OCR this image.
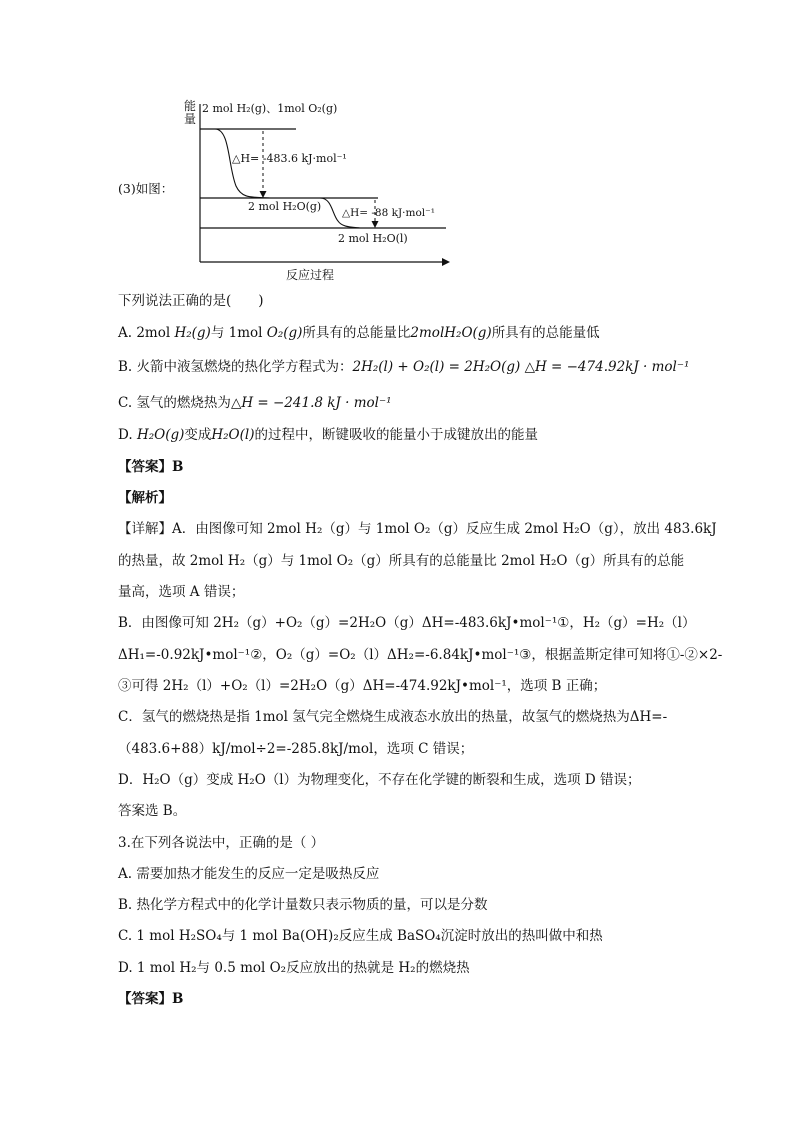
能量
2 mol H₂(g)、1mol O₂(g)
△H= -483.6 kJ·mol⁻¹
2 mol H₂O(g) △H= -88 kJ·mol⁻¹
2 mol H₂O(l)
反应过程
(3)如图：
下列说法正确的是(　　)
A. 2mol H₂(g)与 1mol O₂(g)所具有的总能量比2molH₂O(g)所具有的总能量低
B. 火箭中液氢燃烧的热化学方程式为：2H₂(l) + O₂(l) = 2H₂O(g) △H = −474.92kJ · mol⁻¹
C. 氢气的燃烧热为△H = −241.8 kJ · mol⁻¹
D. H₂O(g)变成H₂O(l)的过程中，断键吸收的能量小于成键放出的能量
【答案】B
【解析】
【详解】A．由图像可知 2mol H₂（g）与 1mol O₂（g）反应生成 2mol H₂O（g），放出 483.6kJ
的热量，故 2mol H₂（g）与 1mol O₂（g）所具有的总能量比 2mol H₂O（g）所具有的总能
量高，选项 A 错误；
B．由图像可知 2H₂（g）+O₂（g）=2H₂O（g）ΔH=-483.6kJ•mol⁻¹①，H₂（g）=H₂（l）
ΔH₁=-0.92kJ•mol⁻¹②，O₂（g）=O₂（l）ΔH₂=-6.84kJ•mol⁻¹③，根据盖斯定律可知将①-②×2-
③可得 2H₂（l）+O₂（l）=2H₂O（g）ΔH=-474.92kJ•mol⁻¹，选项 B 正确；
C．氢气的燃烧热是指 1mol 氢气完全燃烧生成液态水放出的热量，故氢气的燃烧热为ΔH=-
（483.6+88）kJ/mol÷2=-285.8kJ/mol，选项 C 错误；
D．H₂O（g）变成 H₂O（l）为物理变化，不存在化学键的断裂和生成，选项 D 错误；
答案选 B。
3.在下列各说法中，正确的是（ ）
A. 需要加热才能发生的反应一定是吸热反应
B. 热化学方程式中的化学计量数只表示物质的量，可以是分数
C. 1 mol H₂SO₄与 1 mol Ba(OH)₂反应生成 BaSO₄沉淀时放出的热叫做中和热
D. 1 mol H₂与 0.5 mol O₂反应放出的热就是 H₂的燃烧热
【答案】B
